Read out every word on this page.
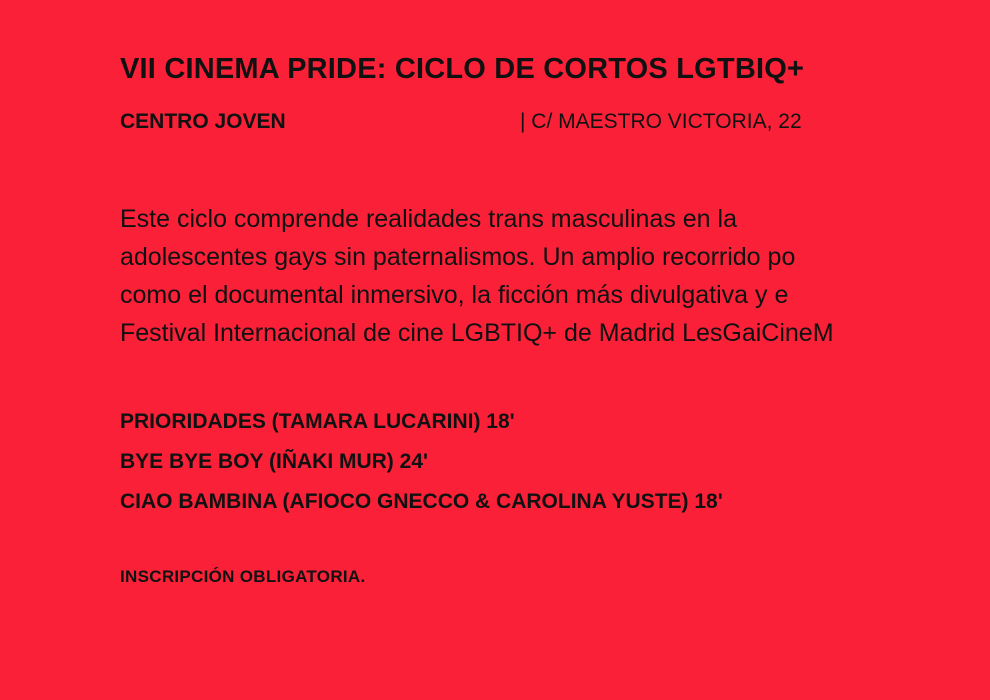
VII CINEMA PRIDE: CICLO DE CORTOS LGTBIQ+
CENTRO JOVEN	| C/ MAESTRO VICTORIA, 22

Este ciclo comprende realidades trans masculinas en la

adolescentes gays sin paternalismos. Un amplio recorrido po

como el documental inmersivo, la ficción más divulgativa y e

Festival Internacional de cine LGBTIQ+ de Madrid LesGaiCineM

PRIORIDADES (TAMARA LUCARINI) 18'
BYE BYE BOY (IÑAKI MUR) 24'
CIAO BAMBINA (AFIOCO GNECCO & CAROLINA YUSTE) 18'

INSCRIPCIÓN OBLIGATORIA.
